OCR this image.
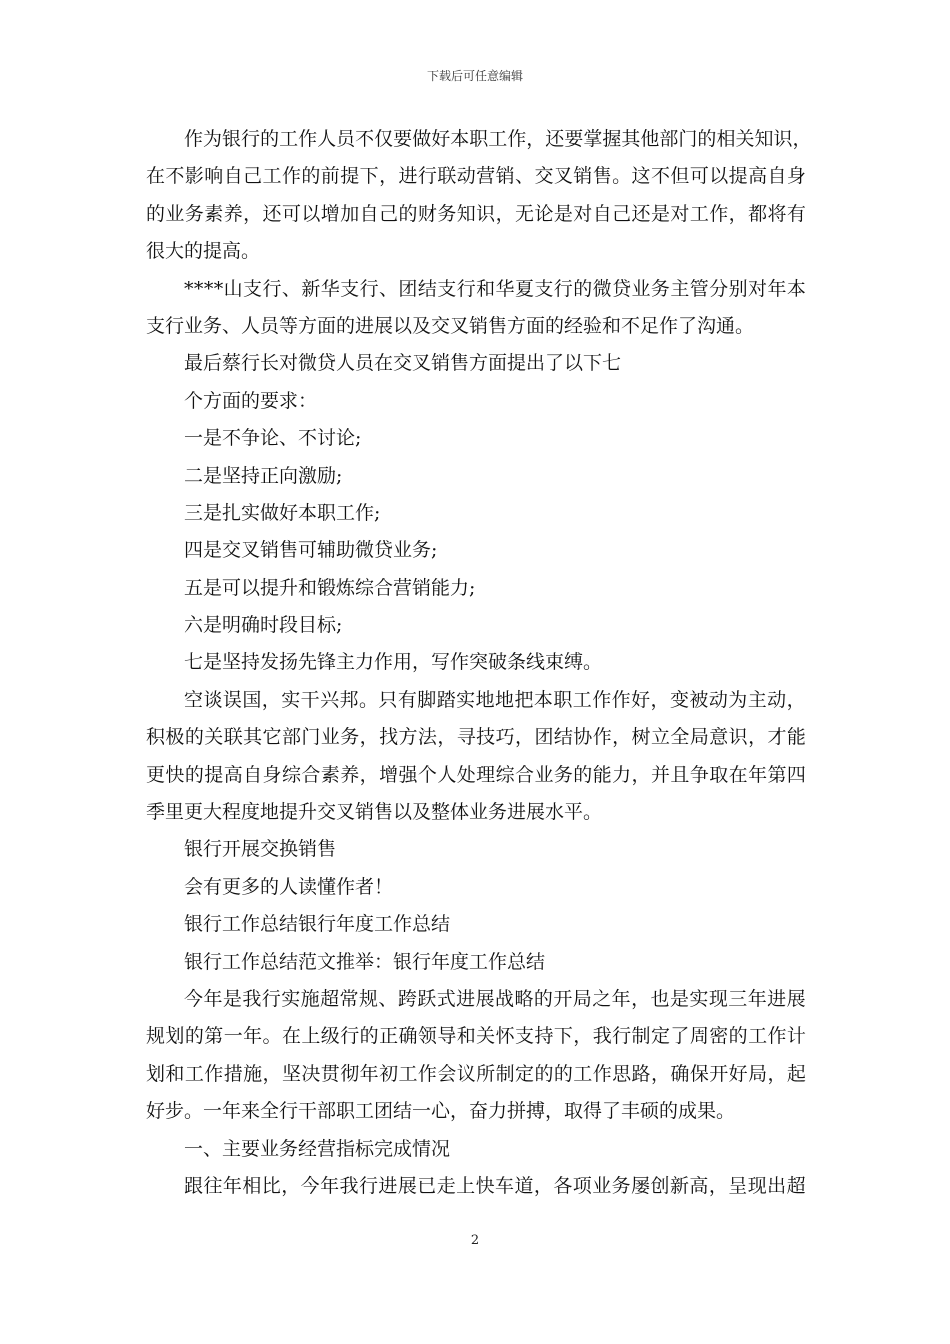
下载后可任意编辑
作 为 银 行 的 工 作 人 员 不 仅 要 做 好 本 职 工 作 ， 还 要 掌 握 其 他 部 门 的 相 关 知 识 ，
在 不 影 响 自 己 工 作 的 前 提 下 ， 进 行 联 动 营 销 、 交 叉 销 售 。 这 不 但 可 以 提 高 自 身
的 业 务 素 养 ， 还 可 以 增 加 自 己 的 财 务 知 识 ， 无 论 是 对 自 己 还 是 对 工 作 ， 都 将 有
很大的提高。
* * * * 山 支 行 、 新 华 支 行 、 团 结 支 行 和 华 夏 支 行 的 微 贷 业 务 主 管 分 别 对 年 本
支行业务、人员等方面的进展以及交叉销售方面的经验和不足作了沟通。
最后蔡行长对微贷人员在交叉销售方面提出了以下七
个方面的要求：
一是不争论、不讨论;
二是坚持正向激励;
三是扎实做好本职工作;
四是交叉销售可辅助微贷业务;
五是可以提升和锻炼综合营销能力;
六是明确时段目标;
七是坚持发扬先锋主力作用，写作突破条线束缚。
空 谈 误 国 ， 实 干 兴 邦 。 只 有 脚 踏 实 地 地 把 本 职 工 作 作 好 ， 变 被 动 为 主 动 ，
积 极 的 关 联 其 它 部 门 业 务 ， 找 方 法 ， 寻 技 巧 ， 团 结 协 作 ， 树 立 全 局 意 识 ， 才 能
更 快 的 提 高 自 身 综 合 素 养 ， 增 强 个 人 处 理 综 合 业 务 的 能 力 ， 并 且 争 取 在 年 第 四
季里更大程度地提升交叉销售以及整体业务进展水平。
银行开展交换销售
会有更多的人读懂作者！
银行工作总结银行年度工作总结
银行工作总结范文推举：银行年度工作总结
今 年 是 我 行 实 施 超 常 规 、 跨 跃 式 进 展 战 略 的 开 局 之 年 ， 也 是 实 现 三 年 进 展
规 划 的 第 一 年 。 在 上 级 行 的 正 确 领 导 和 关 怀 支 持 下 ， 我 行 制 定 了 周 密 的 工 作 计
划 和 工 作 措 施 ， 坚 决 贯 彻 年 初 工 作 会 议 所 制 定 的 的 工 作 思 路 ， 确 保 开 好 局 ， 起
好步。一年来全行干部职工团结一心，奋力拼搏，取得了丰硕的成果。
一、主要业务经营指标完成情况
跟 往 年 相 比 ， 今 年 我 行 进 展 已 走 上 快 车 道 ， 各 项 业 务 屡 创 新 高 ， 呈 现 出 超
2
